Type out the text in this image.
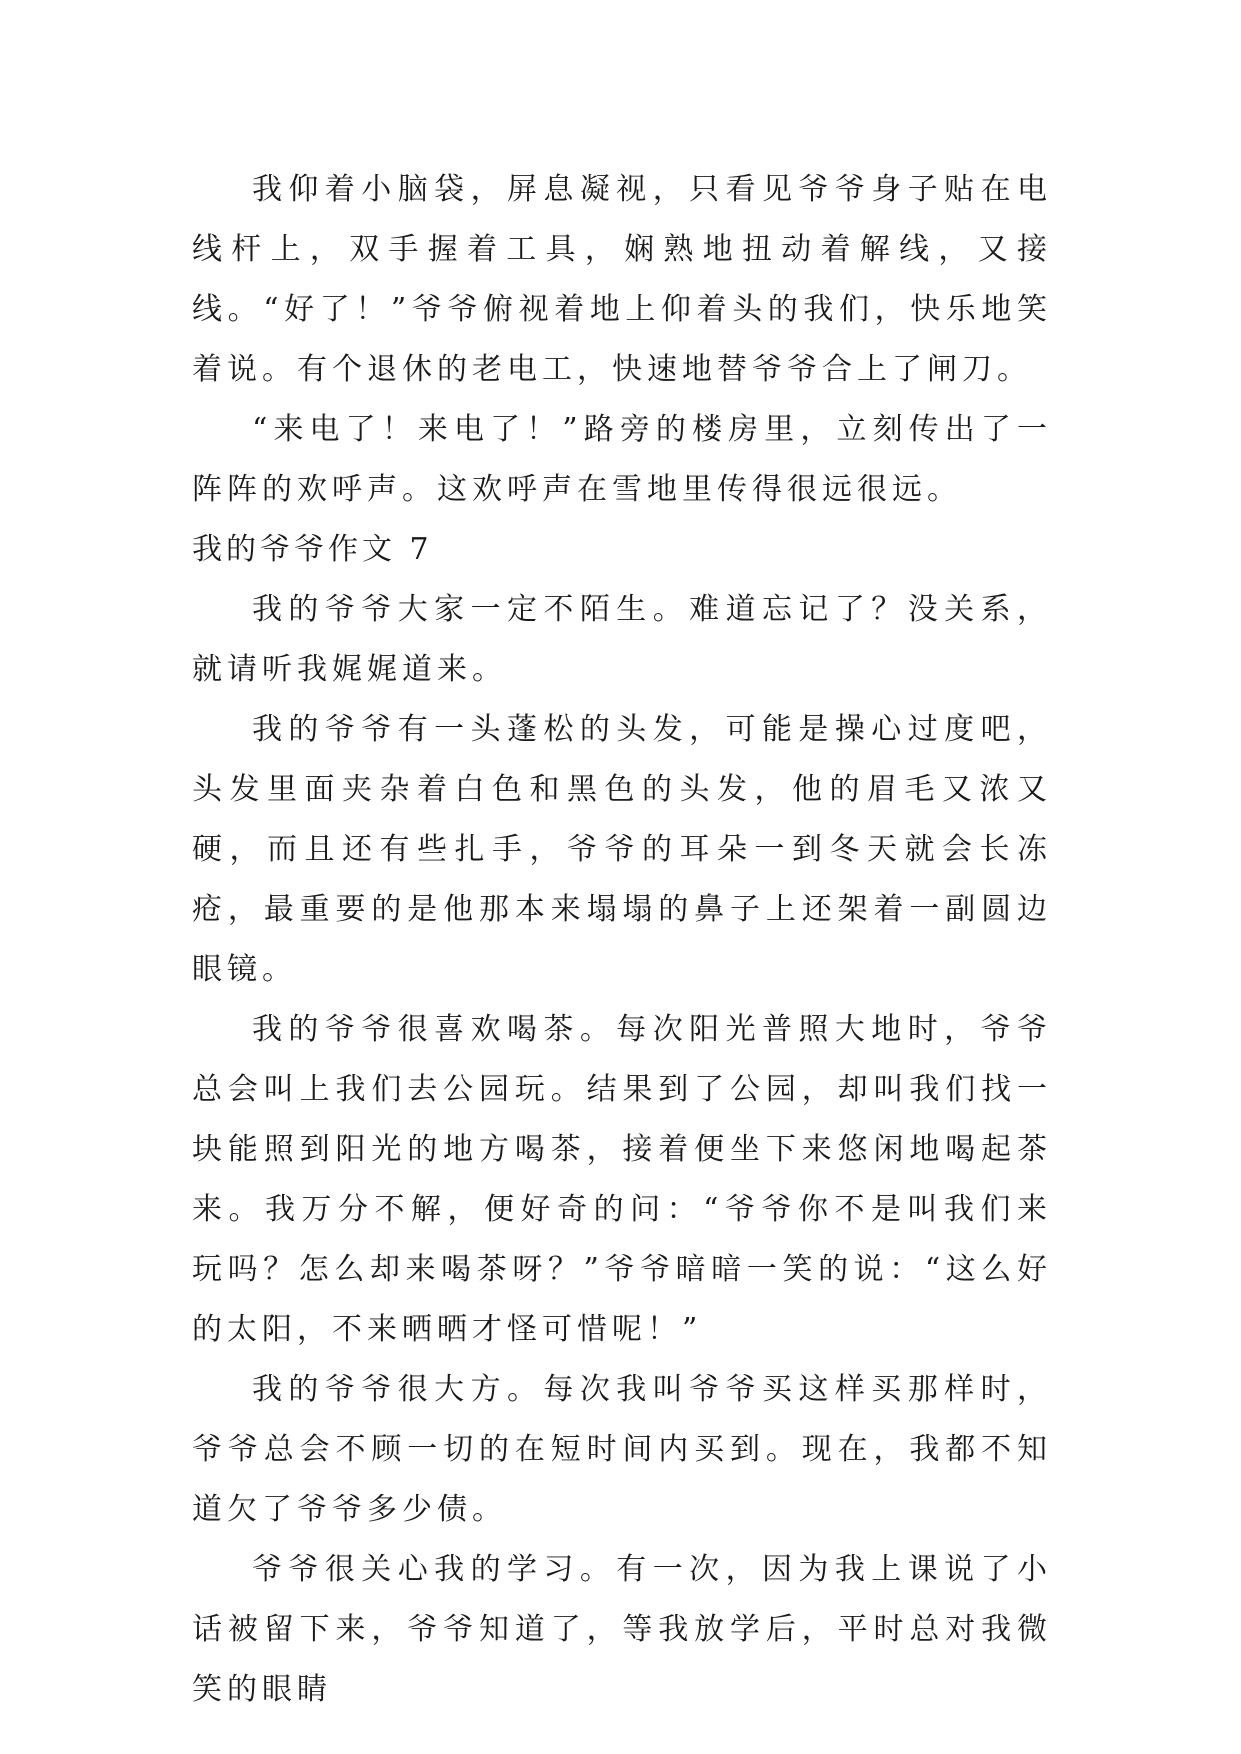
我仰着小脑袋，屏息凝视，只看见爷爷身子贴在电线杆上，双手握着工具，娴熟地扭动着解线，又接线。“好了！”爷爷俯视着地上仰着头的我们，快乐地笑着说。有个退休的老电工，快速地替爷爷合上了闸刀。

“来电了！来电了！”路旁的楼房里，立刻传出了一阵阵的欢呼声。这欢呼声在雪地里传得很远很远。

我的爷爷作文 7

我的爷爷大家一定不陌生。难道忘记了？没关系，就请听我娓娓道来。

我的爷爷有一头蓬松的头发，可能是操心过度吧，头发里面夹杂着白色和黑色的头发，他的眉毛又浓又硬，而且还有些扎手，爷爷的耳朵一到冬天就会长冻疮，最重要的是他那本来塌塌的鼻子上还架着一副圆边眼镜。

我的爷爷很喜欢喝茶。每次阳光普照大地时，爷爷总会叫上我们去公园玩。结果到了公园，却叫我们找一块能照到阳光的地方喝茶，接着便坐下来悠闲地喝起茶来。我万分不解，便好奇的问：“爷爷你不是叫我们来玩吗？怎么却来喝茶呀？”爷爷暗暗一笑的说：“这么好的太阳，不来晒晒才怪可惜呢！”

我的爷爷很大方。每次我叫爷爷买这样买那样时，爷爷总会不顾一切的在短时间内买到。现在，我都不知道欠了爷爷多少债。

爷爷很关心我的学习。有一次，因为我上课说了小话被留下来，爷爷知道了，等我放学后，平时总对我微笑的眼睛
